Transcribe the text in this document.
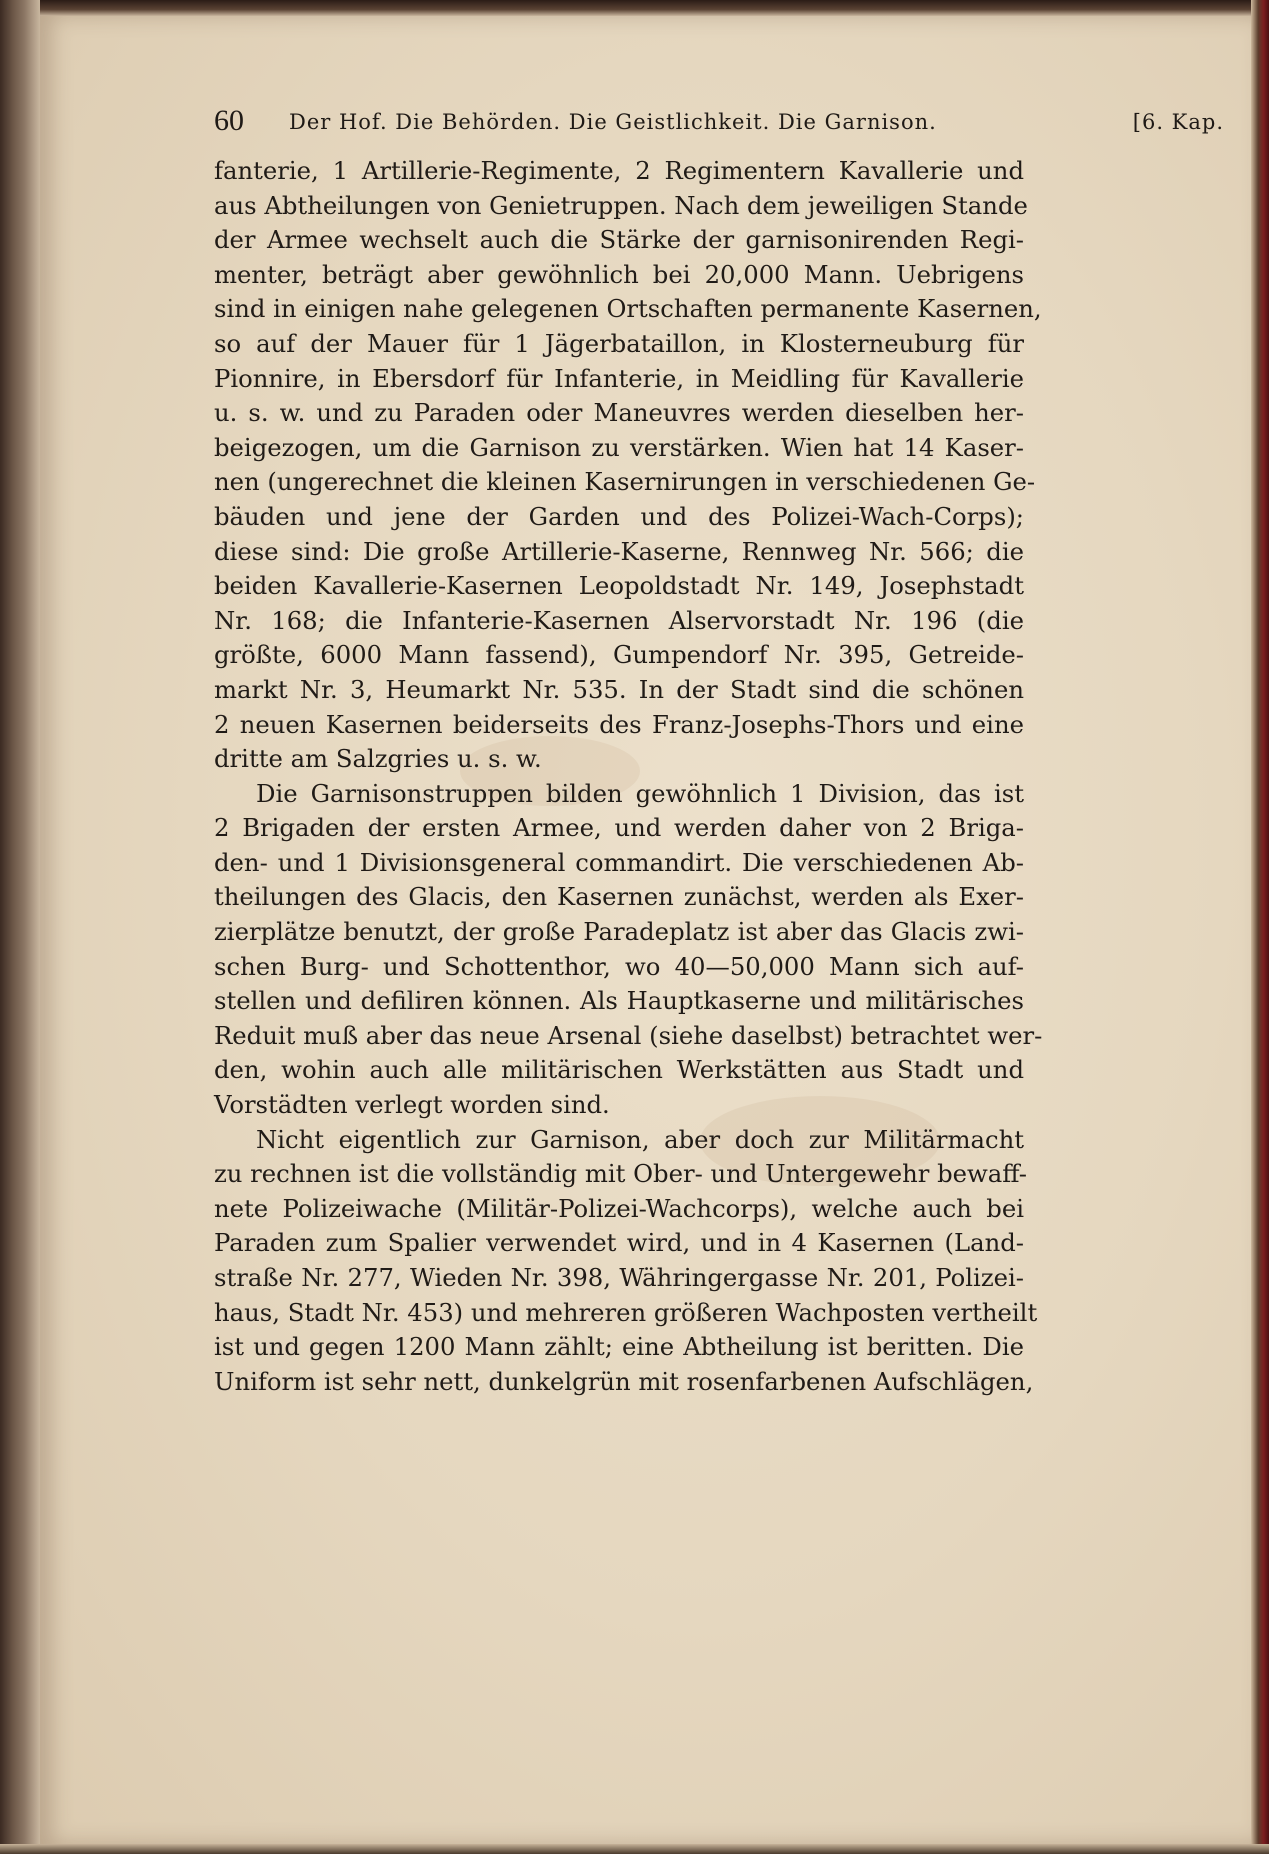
60 Der Hof. Die Behörden. Die Geistlichkeit. Die Garnison.	[6. Kap.
fanterie, 1 Artillerie-Regimente, 2 Regimentern Kavallerie und
aus Abtheilungen von Genietruppen. Nach dem jeweiligen Stande
der Armee wechselt auch die Stärke der garnisonirenden Regi-
menter, beträgt aber gewöhnlich bei 20,000 Mann. Uebrigens
sind in einigen nahe gelegenen Ortschaften permanente Kasernen,
so auf der Mauer für 1 Jägerbataillon, in Klosterneuburg für
Pionnire, in Ebersdorf für Infanterie, in Meidling für Kavallerie
u. s. w. und zu Paraden oder Maneuvres werden dieselben her-
beigezogen, um die Garnison zu verstärken. Wien hat 14 Kaser-
nen (ungerechnet die kleinen Kasernirungen in verschiedenen Ge-
bäuden und jene der Garden und des Polizei-Wach-Corps);
diese sind: Die große Artillerie-Kaserne, Rennweg Nr. 566; die
beiden Kavallerie-Kasernen Leopoldstadt Nr. 149, Josephstadt
Nr. 168; die Infanterie-Kasernen Alservorstadt Nr. 196 (die
größte, 6000 Mann fassend), Gumpendorf Nr. 395, Getreide-
markt Nr. 3, Heumarkt Nr. 535. In der Stadt sind die schönen
2 neuen Kasernen beiderseits des Franz-Josephs-Thors und eine
dritte am Salzgries u. s. w.
Die Garnisonstruppen bilden gewöhnlich 1 Division, das ist
2 Brigaden der ersten Armee, und werden daher von 2 Briga-
den- und 1 Divisionsgeneral commandirt. Die verschiedenen Ab-
theilungen des Glacis, den Kasernen zunächst, werden als Exer-
zierplätze benutzt, der große Paradeplatz ist aber das Glacis zwi-
schen Burg- und Schottenthor, wo 40—50,000 Mann sich auf-
stellen und defiliren können. Als Hauptkaserne und militärisches
Reduit muß aber das neue Arsenal (siehe daselbst) betrachtet wer-
den, wohin auch alle militärischen Werkstätten aus Stadt und
Vorstädten verlegt worden sind.
Nicht eigentlich zur Garnison, aber doch zur Militärmacht
zu rechnen ist die vollständig mit Ober- und Untergewehr bewaff-
nete Polizeiwache (Militär-Polizei-Wachcorps), welche auch bei
Paraden zum Spalier verwendet wird, und in 4 Kasernen (Land-
straße Nr. 277, Wieden Nr. 398, Währingergasse Nr. 201, Polizei-
haus, Stadt Nr. 453) und mehreren größeren Wachposten vertheilt
ist und gegen 1200 Mann zählt; eine Abtheilung ist beritten. Die
Uniform ist sehr nett, dunkelgrün mit rosenfarbenen Aufschlägen,
